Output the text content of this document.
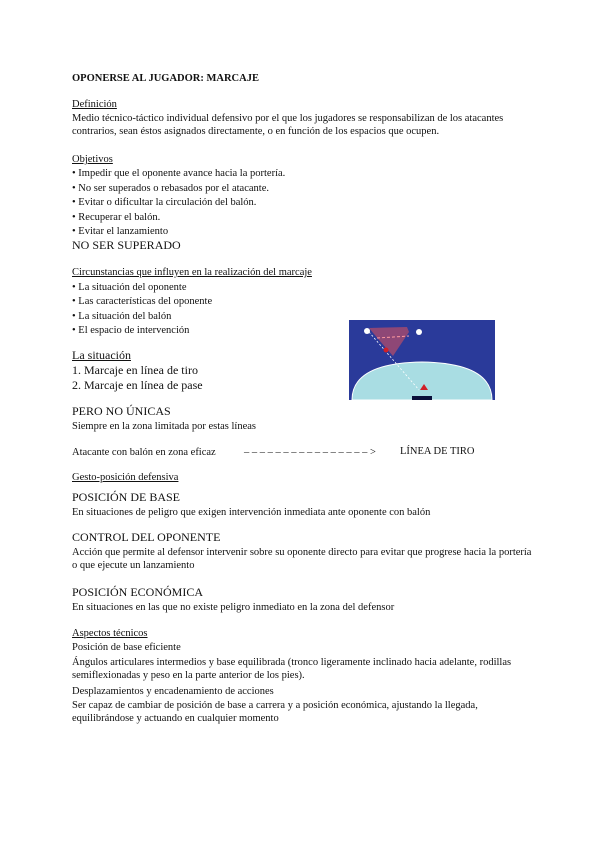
OPONERSE AL JUGADOR: MARCAJE
Definición
Medio técnico-táctico individual defensivo por el que los jugadores se responsabilizan de los atacantes contrarios, sean éstos asignados directamente, o en función de los espacios que ocupen.
Objetivos
• Impedir que el oponente avance hacia la portería.
• No ser superados o rebasados por el atacante.
• Evitar o dificultar la circulación del balón.
• Recuperar el balón.
• Evitar el lanzamiento
NO SER SUPERADO
Circunstancias que influyen en la realización del marcaje
• La situación del oponente
• Las características del oponente
• La situación del balón
• El espacio de intervención
La situación
1. Marcaje en línea de tiro
2. Marcaje en línea de pase
PERO NO ÚNICAS
Siempre en la zona limitada por estas líneas
Atacante con balón en zona eficaz	– – – – – – – – – – – – – – – – > LÍNEA DE TIRO
Gesto-posición defensiva
POSICIÓN DE BASE
En situaciones de peligro que exigen intervención inmediata ante oponente con balón
CONTROL DEL OPONENTE
Acción que permite al defensor intervenir sobre su oponente directo para evitar que progrese hacia la portería o que ejecute un lanzamiento
POSICIÓN ECONÓMICA
En situaciones en las que no existe peligro inmediato en la zona del defensor
Aspectos técnicos
Posición de base eficiente
Ángulos articulares intermedios y base equilibrada (tronco ligeramente inclinado hacia adelante, rodillas semiflexionadas y peso en la parte anterior de los pies).
Desplazamientos y encadenamiento de acciones
Ser capaz de cambiar de posición de base a carrera y a posición económica, ajustando la llegada, equilibrándose y actuando en cualquier momento
